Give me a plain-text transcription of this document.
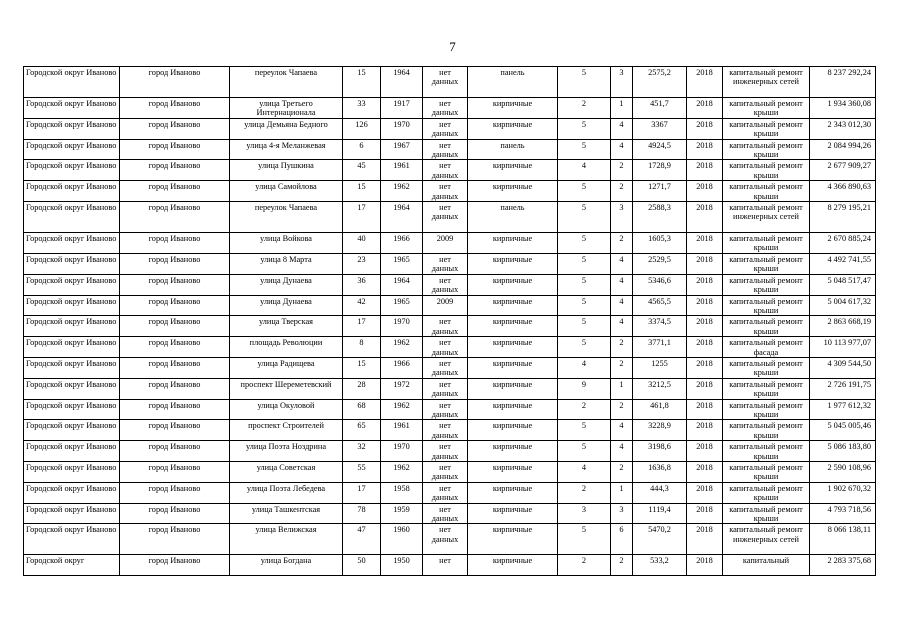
7
Городской округ Иваново	город Иваново	переулок Чапаева	15	1964	нет данных	панель	5	3	2575,2	2018	капитальный ремонт инженерных сетей	8 237 292,24
Городской округ Иваново	город Иваново	улица Третьего Интернационала	33	1917	нет данных	кирпичные	2	1	451,7	2018	капитальный ремонт крыши	1 934 360,08
Городской округ Иваново	город Иваново	улица Демьяна Бедного	126	1970	нет данных	кирпичные	5	4	3367	2018	капитальный ремонт крыши	2 343 012,30
Городской округ Иваново	город Иваново	улица 4-я Меланжевая	6	1967	нет данных	панель	5	4	4924,5	2018	капитальный ремонт крыши	2 084 994,26
Городской округ Иваново	город Иваново	улица Пушкина	45	1961	нет данных	кирпичные	4	2	1728,9	2018	капитальный ремонт крыши	2 677 909,27
Городской округ Иваново	город Иваново	улица Самойлова	15	1962	нет данных	кирпичные	5	2	1271,7	2018	капитальный ремонт крыши	4 366 890,63
Городской округ Иваново	город Иваново	переулок Чапаева	17	1964	нет данных	панель	5	3	2588,3	2018	капитальный ремонт инженерных сетей	8 279 195,21
Городской округ Иваново	город Иваново	улица Войкова	40	1966	2009	кирпичные	5	2	1605,3	2018	капитальный ремонт крыши	2 670 885,24
Городской округ Иваново	город Иваново	улица 8 Марта	23	1965	нет данных	кирпичные	5	4	2529,5	2018	капитальный ремонт крыши	4 492 741,55
Городской округ Иваново	город Иваново	улица Дунаева	36	1964	нет данных	кирпичные	5	4	5346,6	2018	капитальный ремонт крыши	5 048 517,47
Городской округ Иваново	город Иваново	улица Дунаева	42	1965	2009	кирпичные	5	4	4565,5	2018	капитальный ремонт крыши	5 004 617,32
Городской округ Иваново	город Иваново	улица Тверская	17	1970	нет данных	кирпичные	5	4	3374,5	2018	капитальный ремонт крыши	2 863 668,19
Городской округ Иваново	город Иваново	площадь Революции	8	1962	нет данных	кирпичные	5	2	3771,1	2018	капитальный ремонт фасада	10 113 977,07
Городской округ Иваново	город Иваново	улица Радищева	15	1966	нет данных	кирпичные	4	2	1255	2018	капитальный ремонт крыши	4 309 544,50
Городской округ Иваново	город Иваново	проспект Шереметевский	28	1972	нет данных	кирпичные	9	1	3212,5	2018	капитальный ремонт крыши	2 726 191,75
Городской округ Иваново	город Иваново	улица Окуловой	68	1962	нет данных	кирпичные	2	2	461,8	2018	капитальный ремонт крыши	1 977 612,32
Городской округ Иваново	город Иваново	проспект Строителей	65	1961	нет данных	кирпичные	5	4	3228,9	2018	капитальный ремонт крыши	5 045 005,46
Городской округ Иваново	город Иваново	улица Поэта Ноздрина	32	1970	нет данных	кирпичные	5	4	3198,6	2018	капитальный ремонт крыши	5 086 183,80
Городской округ Иваново	город Иваново	улица Советская	55	1962	нет данных	кирпичные	4	2	1636,8	2018	капитальный ремонт крыши	2 590 108,96
Городской округ Иваново	город Иваново	улица Поэта Лебедева	17	1958	нет данных	кирпичные	2	1	444,3	2018	капитальный ремонт крыши	1 902 670,32
Городской округ Иваново	город Иваново	улица Ташкентская	78	1959	нет данных	кирпичные	3	3	1119,4	2018	капитальный ремонт крыши	4 793 718,56
Городской округ Иваново	город Иваново	улица Велижская	47	1960	нет данных	кирпичные	5	6	5470,2	2018	капитальный ремонт инженерных сетей	8 066 138,11
Городской округ	город Иваново	улица Богдана	50	1950	нет	кирпичные	2	2	533,2	2018	капитальный	2 283 375,68
